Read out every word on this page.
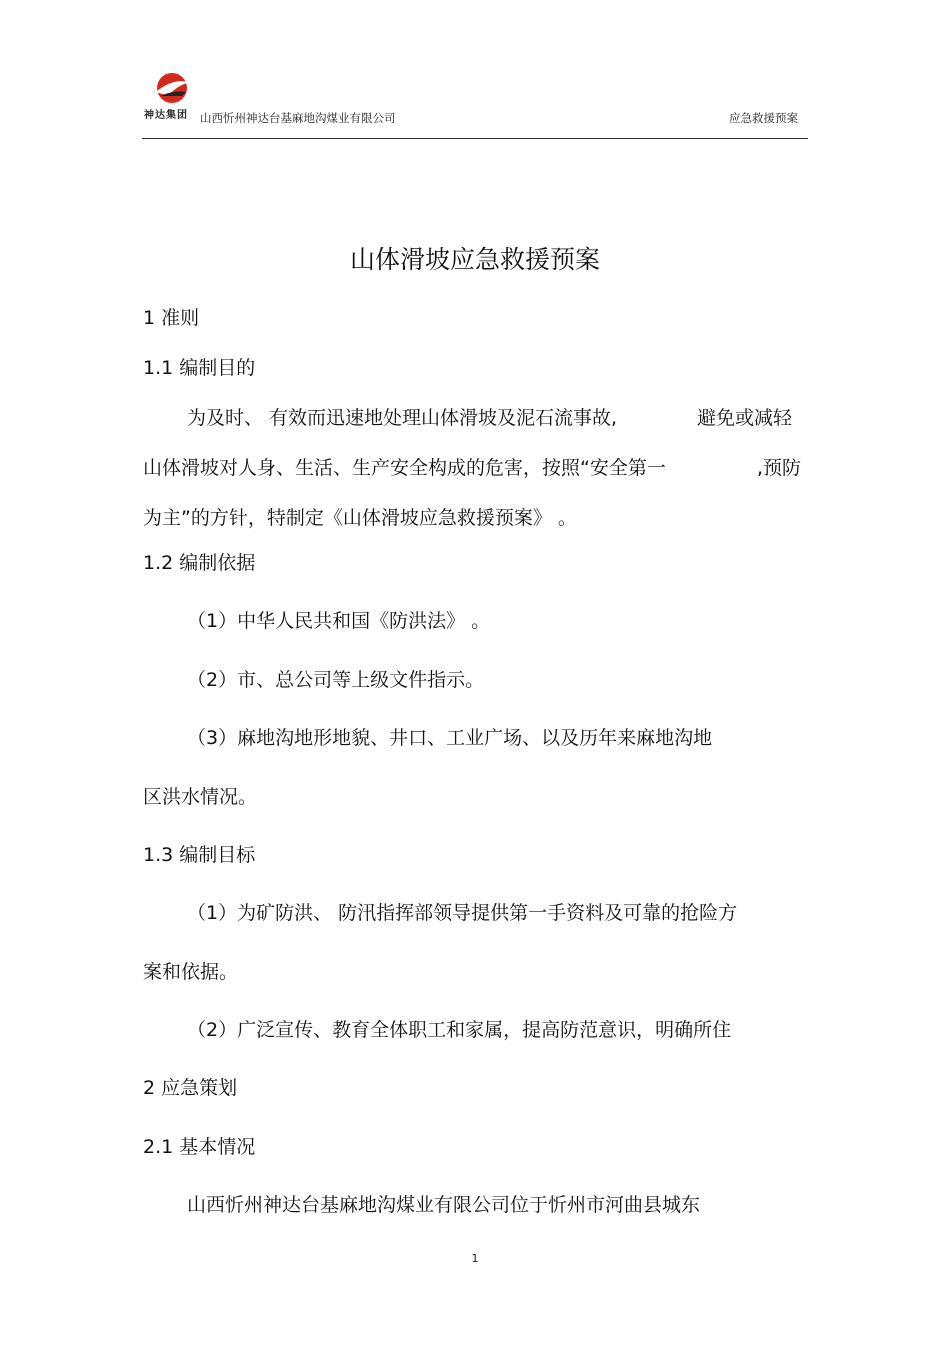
神达集团 山西忻州神达台基麻地沟煤业有限公司	应急救援预案
山体滑坡应急救援预案
1 准则
1.1 编制目的
为及时、 有效而迅速地处理山体滑坡及泥石流事故,	避免或减轻
山体滑坡对人身、生活、生产安全构成的危害，按照“安全第一	,预防
为主”的方针，特制定《山体滑坡应急救援预案》 。
1.2 编制依据
（1）中华人民共和国《防洪法》 。
（2）市、总公司等上级文件指示。
（3）麻地沟地形地貌、井口、工业广场、以及历年来麻地沟地
区洪水情况。
1.3 编制目标
（1）为矿防洪、 防汛指挥部领导提供第一手资料及可靠的抢险方
案和依据。
（2）广泛宣传、教育全体职工和家属，提高防范意识，明确所住
2 应急策划
2.1 基本情况
山西忻州神达台基麻地沟煤业有限公司位于忻州市河曲县城东
1
